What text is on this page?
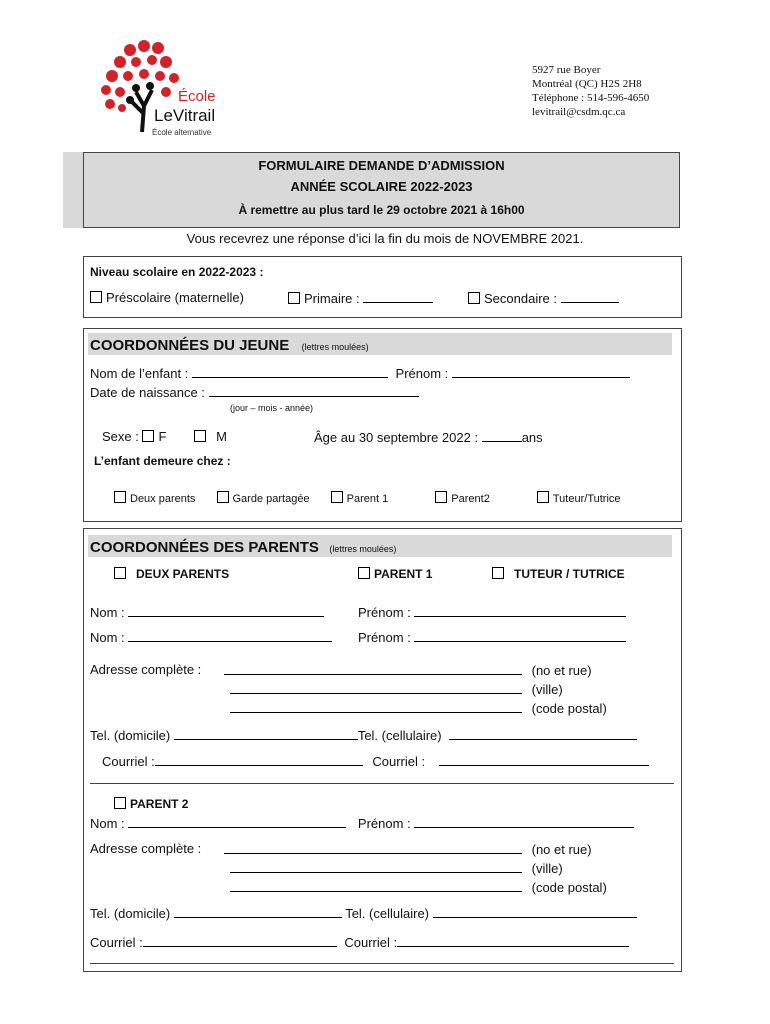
École
LeVitrail
École alternative
5927 rue Boyer
Montréal (QC) H2S 2H8
Téléphone : 514-596-4650
levitrail@csdm.qc.ca
FORMULAIRE DEMANDE D’ADMISSION
ANNÉE SCOLAIRE 2022-2023
À remettre au plus tard le 29 octobre 2021 à 16h00
Vous recevrez une réponse d’ici la fin du mois de NOVEMBRE 2021.
Niveau scolaire en 2022-2023 :
Préscolaire (maternelle)	Primaire :	Secondaire :
COORDONNÉES DU JEUNE (lettres moulées)
Nom de l’enfant :	Prénom :
Date de naissance :
(jour – mois - année)
Sexe : F	M	Âge au 30 septembre 2022 :	ans
L’enfant demeure chez :
Deux parents	Garde partagée	Parent 1	Parent2	Tuteur/Tutrice
COORDONNÉES DES PARENTS (lettres moulées)
DEUX PARENTS	PARENT 1	TUTEUR / TUTRICE
Nom :	Prénom :
Nom :	Prénom :
Adresse complète :	(no et rue)
(ville)
(code postal)
Tel. (domicile)	Tel. (cellulaire)
Courriel :	Courriel :
PARENT 2
Nom :	Prénom :
Adresse complète :	(no et rue)
(ville)
(code postal)
Tel. (domicile)	Tel. (cellulaire)
Courriel :	Courriel :
